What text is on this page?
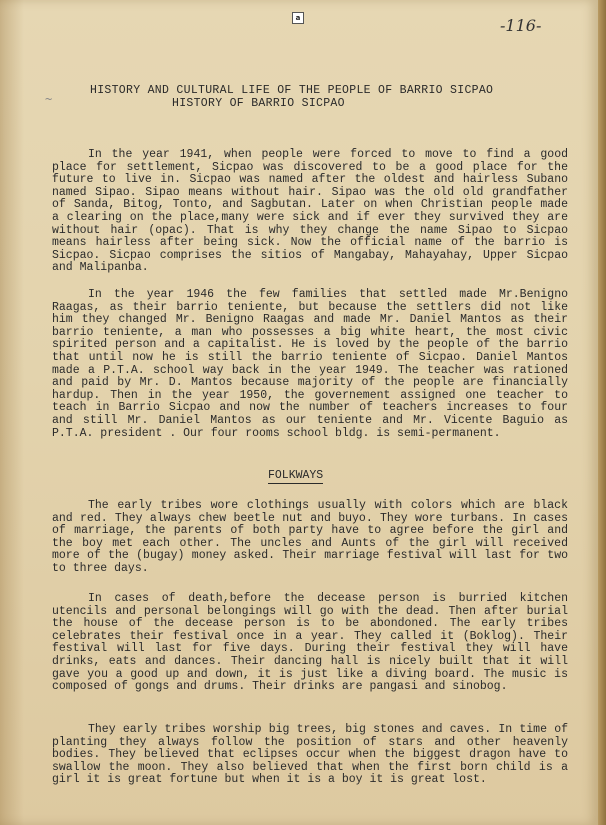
a	-116-
~
HISTORY AND CULTURAL LIFE OF THE PEOPLE OF BARRIO SICPAO
HISTORY OF BARRIO SICPAO

In the year 1941, when people were forced to move to find a good place for settlement, Sicpao was discovered to be a good place for the future to live in. Sicpao was named after the oldest and hairless Subano named Sipao. Sipao means without hair. Sipao was the old old grandfather of Sanda, Bitog, Tonto, and Sagbutan. Later on when Christian people made a clearing on the place,many were sick and if ever they survived they are without hair (opac). That is why they change the name Sipao to Sicpao means hairless after being sick. Now the official name of the barrio is Sicpao. Sicpao comprises the sitios of Mangabay, Mahayahay, Upper Sicpao and Malipanba.

In the year 1946 the few families that settled made Mr.Benigno Raagas, as their barrio teniente, but because the settlers did not like him they changed Mr. Benigno Raagas and made Mr. Daniel Mantos as their barrio teniente, a man who possesses a big white heart, the most civic spirited person and a capitalist. He is loved by the people of the barrio that until now he is still the barrio teniente of Sicpao. Daniel Mantos made a P.T.A. school way back in the year 1949. The teacher was rationed and paid by Mr. D. Mantos because majority of the people are financially hardup. Then in the year 1950, the governement assigned one teacher to teach in Barrio Sicpao and now the number of teachers increases to four and still Mr. Daniel Mantos as our teniente and Mr. Vicente Baguio as P.T.A. president . Our four rooms school bldg. is semi-permanent.

FOLKWAYS

The early tribes wore clothings usually with colors which are black and red. They always chew beetle nut and buyo. They wore turbans. In cases of marriage, the parents of both party have to agree before the girl and the boy met each other. The uncles and Aunts of the girl will received more of the (bugay) money asked. Their marriage festival will last for two to three days.

In cases of death,before the decease person is burried kitchen utencils and personal belongings will go with the dead. Then after burial the house of the decease person is to be abondoned. The early tribes celebrates their festival once in a year. They called it (Boklog). Their festival will last for five days. During their festival they will have drinks, eats and dances. Their dancing hall is nicely built that it will gave you a good up and down, it is just like a diving board. The music is composed of gongs and drums. Their drinks are pangasi and sinobog.

They early tribes worship big trees, big stones and caves. In time of planting they always follow the position of stars and other heavenly bodies. They believed that eclipses occur when the biggest dragon have to swallow the moon. They also believed that when the first born child is a girl it is great fortune but when it is a boy it is great lost.
